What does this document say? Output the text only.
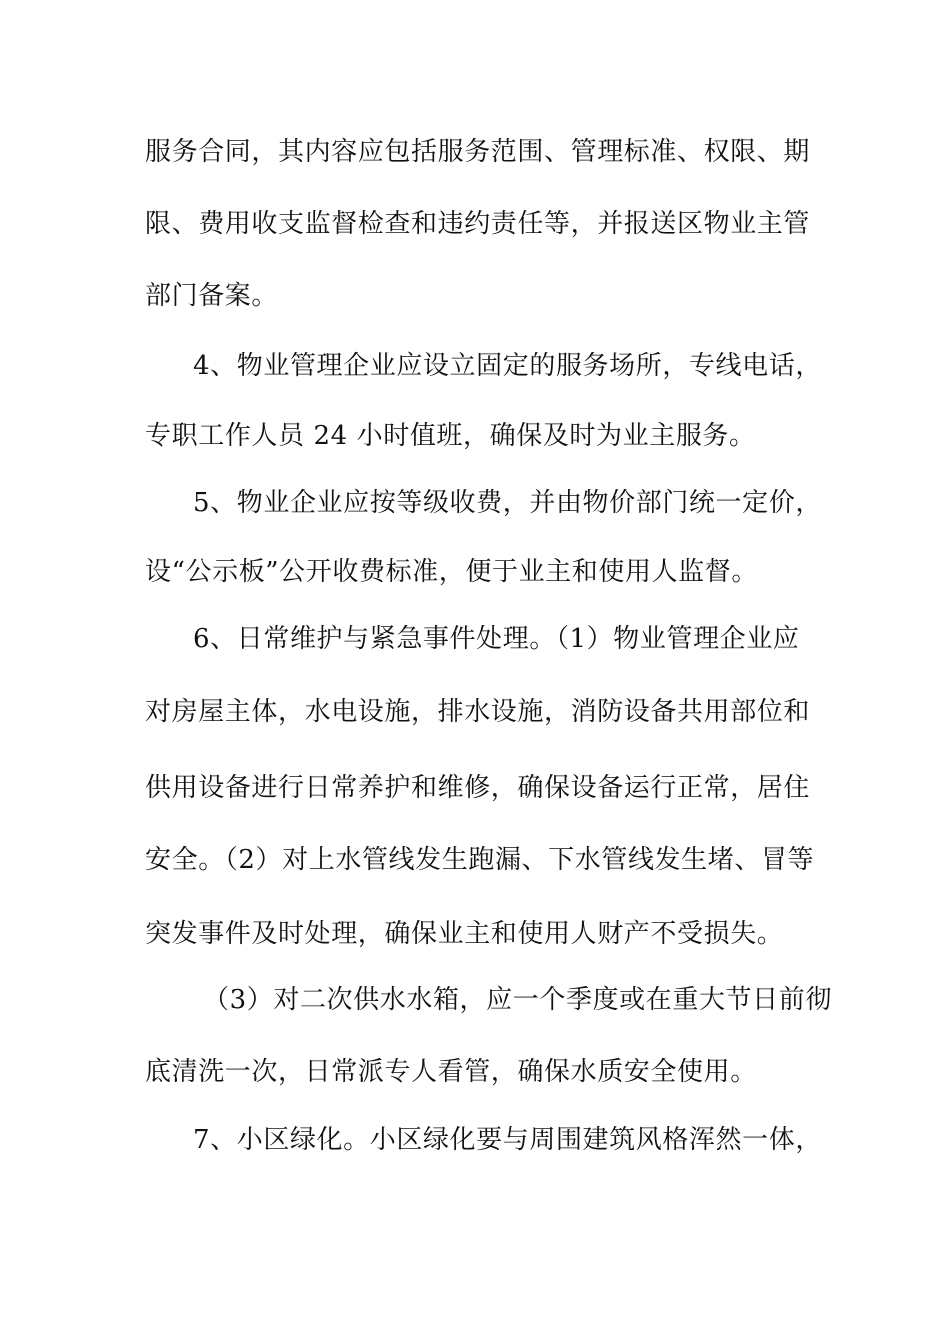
服务合同，其内容应包括服务范围、管理标准、权限、期
限、费用收支监督检查和违约责任等，并报送区物业主管
部门备案。
4、物业管理企业应设立固定的服务场所，专线电话，
专职工作人员 24 小时值班，确保及时为业主服务。
5、物业企业应按等级收费，并由物价部门统一定价，
设“公示板”公开收费标准，便于业主和使用人监督。
6、日常维护与紧急事件处理。（1）物业管理企业应
对房屋主体，水电设施，排水设施，消防设备共用部位和
供用设备进行日常养护和维修，确保设备运行正常，居住
安全。（2）对上水管线发生跑漏、下水管线发生堵、冒等
突发事件及时处理，确保业主和使用人财产不受损失。
（3）对二次供水水箱，应一个季度或在重大节日前彻
底清洗一次，日常派专人看管，确保水质安全使用。
7、小区绿化。小区绿化要与周围建筑风格浑然一体，
